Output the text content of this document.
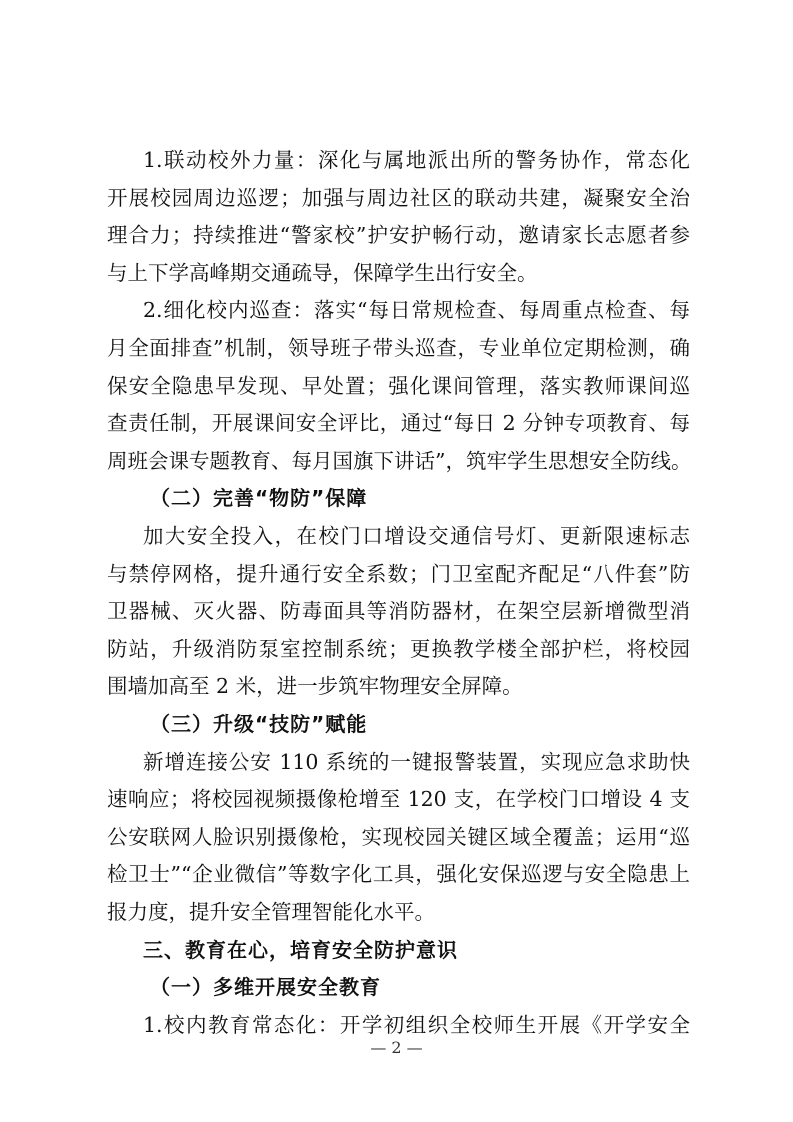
1.联动校外力量：深化与属地派出所的警务协作，常态化
开展校园周边巡逻；加强与周边社区的联动共建，凝聚安全治
理合力；持续推进“警家校”护安护畅行动，邀请家长志愿者参
与上下学高峰期交通疏导，保障学生出行安全。
2.细化校内巡查：落实“每日常规检查、每周重点检查、每
月全面排查”机制，领导班子带头巡查，专业单位定期检测，确
保安全隐患早发现、早处置；强化课间管理，落实教师课间巡
查责任制，开展课间安全评比，通过“每日 2 分钟专项教育、每
周班会课专题教育、每月国旗下讲话”，筑牢学生思想安全防线。
（二）完善“物防”保障
加大安全投入，在校门口增设交通信号灯、更新限速标志
与禁停网格，提升通行安全系数；门卫室配齐配足“八件套”防
卫器械、灭火器、防毒面具等消防器材，在架空层新增微型消
防站，升级消防泵室控制系统；更换教学楼全部护栏，将校园
围墙加高至 2 米，进一步筑牢物理安全屏障。
（三）升级“技防”赋能
新增连接公安 110 系统的一键报警装置，实现应急求助快
速响应；将校园视频摄像枪增至 120 支，在学校门口增设 4 支
公安联网人脸识别摄像枪，实现校园关键区域全覆盖；运用“巡
检卫士”“企业微信”等数字化工具，强化安保巡逻与安全隐患上
报力度，提升安全管理智能化水平。
三、教育在心，培育安全防护意识
（一）多维开展安全教育
1.校内教育常态化：开学初组织全校师生开展《开学安全
— 2 —
